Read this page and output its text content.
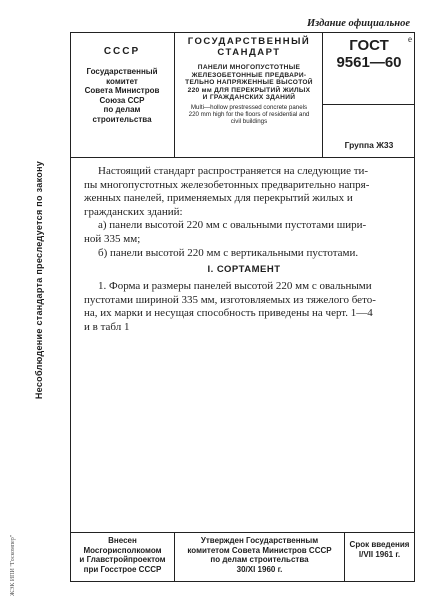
Издание официальное
e
СССР
Государственный
комитет
Совета Министров
Союза ССР
по делам
строительства
ГОСУДАРСТВЕННЫЙ
СТАНДАРТ
ПАНЕЛИ МНОГОПУСТОТНЫЕ
ЖЕЛЕЗОБЕТОННЫЕ ПРЕДВАРИ-
ТЕЛЬНО НАПРЯЖЕННЫЕ ВЫСОТОЙ
220 мм ДЛЯ ПЕРЕКРЫТИЙ ЖИЛЫХ
И ГРАЖДАНСКИХ ЗДАНИЙ
Multi—hollow prestressed concrete panels
220 mm high for the floors of residential and
civil buildings
ГОСТ
9561—60
Группа Ж33

Настоящий стандарт распространяется на следующие ти-

пы многопустотных железобетонных предварительно напря-

женных панелей, применяемых для перекрытий жилых и

гражданских зданий:

а) панели высотой 220 мм с овальными пустотами шири-

ной 335 мм;

б) панели высотой 220 мм с вертикальными пустотами.

I. СОРТАМЕНТ

1. Форма и размеры панелей высотой 220 мм с овальными

пустотами шириной 335 мм, изготовляемых из тяжелого бето-

на, их марки и несущая способность приведены на черт. 1—4

и в табл 1

Внесен
Мосгорисполкомом
и Главстройпроектом
при Госстрое СССР
Утвержден Государственным
комитетом Совета Министров СССР
по делам строительства
30/XI 1960 г.
Срок введения
I/VII 1961 г.
Несоблюдение стандарта преследуется по закону
ЖЭК ИПИ "Госкомпер"
